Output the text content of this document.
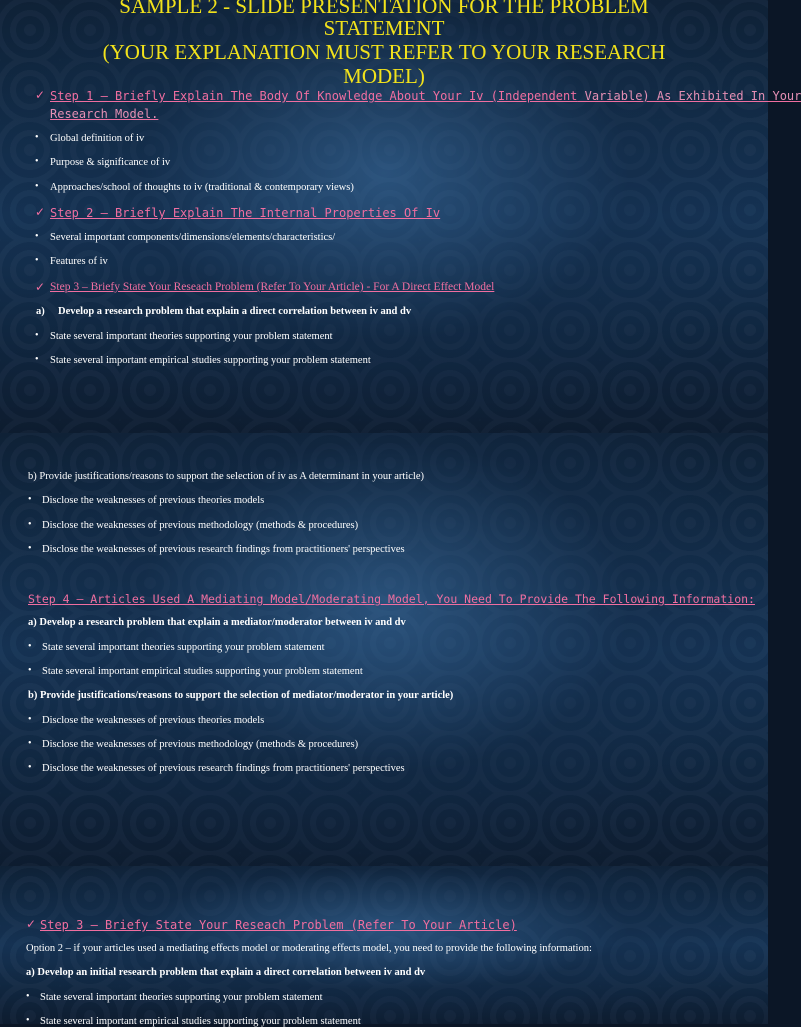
SAMPLE 2 - SLIDE PRESENTATION FOR THE PROBLEM
STATEMENT
(YOUR EXPLANATION MUST REFER TO YOUR RESEARCH
MODEL)
✓ Step 1 – Briefly Explain The Body Of Knowledge About Your Iv (Independent Variable) As Exhibited In Your
Research Model.
• Global definition of iv
• Purpose & significance of iv
• Approaches/school of thoughts to iv (traditional & contemporary views)
✓ Step 2 – Briefly Explain The Internal Properties Of Iv
• Several important components/dimensions/elements/characteristics/
• Features of iv
✓ Step 3 – Briefy State Your Reseach Problem (Refer To Your Article) - For A Direct Effect Model
a) Develop a research problem that explain a direct correlation between iv and dv
• State several important theories supporting your problem statement
• State several important empirical studies supporting your problem statement
b) Provide justifications/reasons to support the selection of iv as A determinant in your article)
• Disclose the weaknesses of previous theories models
• Disclose the weaknesses of previous methodology (methods & procedures)
• Disclose the weaknesses of previous research findings from practitioners' perspectives
Step 4 – Articles Used A Mediating Model/Moderating Model, You Need To Provide The Following Information:
a) Develop a research problem that explain a mediator/moderator between iv and dv
• State several important theories supporting your problem statement
• State several important empirical studies supporting your problem statement
b) Provide justifications/reasons to support the selection of mediator/moderator in your article)
• Disclose the weaknesses of previous theories models
• Disclose the weaknesses of previous methodology (methods & procedures)
• Disclose the weaknesses of previous research findings from practitioners' perspectives
✓ Step 3 – Briefy State Your Reseach Problem (Refer To Your Article)
Option 2 – if your articles used a mediating effects model or moderating effects model, you need to provide the following information:
a) Develop an initial research problem that explain a direct correlation between iv and dv
• State several important theories supporting your problem statement
• State several important empirical studies supporting your problem statement
